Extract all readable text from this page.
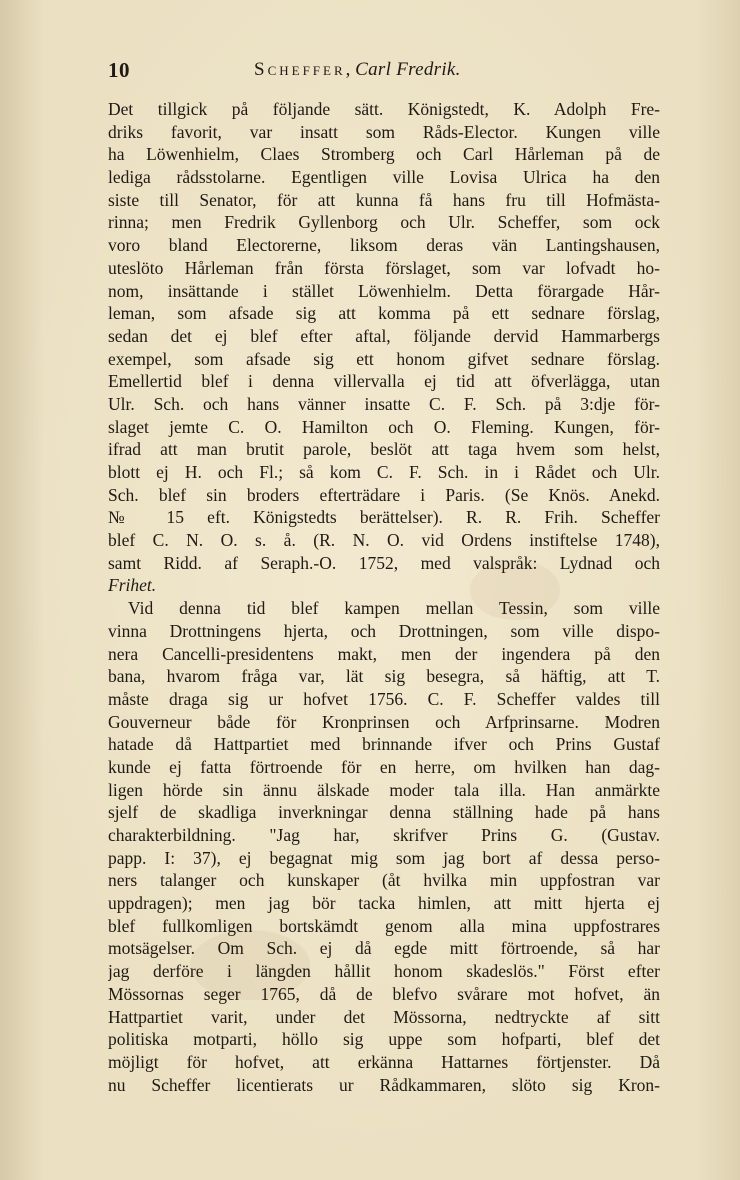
10	Scheffer, Carl Fredrik.
Det tillgick på följande sätt. Königstedt, K. Adolph Fre-
driks favorit, var insatt som Råds-Elector. Kungen ville
ha Löwenhielm, Claes Stromberg och Carl Hårleman på de
lediga rådsstolarne. Egentligen ville Lovisa Ulrica ha den
siste till Senator, för att kunna få hans fru till Hofmästa-
rinna; men Fredrik Gyllenborg och Ulr. Scheffer, som ock
voro bland Electorerne, liksom deras vän Lantingshausen,
uteslöto Hårleman från första förslaget, som var lofvadt ho-
nom, insättande i stället Löwenhielm. Detta förargade Hår-
leman, som afsade sig att komma på ett sednare förslag,
sedan det ej blef efter aftal, följande dervid Hammarbergs
exempel, som afsade sig ett honom gifvet sednare förslag.
Emellertid blef i denna villervalla ej tid att öfverlägga, utan
Ulr. Sch. och hans vänner insatte C. F. Sch. på 3:dje för-
slaget jemte C. O. Hamilton och O. Fleming. Kungen, för-
ifrad att man brutit parole, beslöt att taga hvem som helst,
blott ej H. och Fl.; så kom C. F. Sch. in i Rådet och Ulr.
Sch. blef sin broders efterträdare i Paris. (Se Knös. Anekd.
№ 15 eft. Königstedts berättelser). R. R. Frih. Scheffer
blef C. N. O. s. å. (R. N. O. vid Ordens instiftelse 1748),
samt Ridd. af Seraph.-O. 1752, med valspråk: Lydnad och
Frihet.
Vid denna tid blef kampen mellan Tessin, som ville
vinna Drottningens hjerta, och Drottningen, som ville dispo-
nera Cancelli-presidentens makt, men der ingendera på den
bana, hvarom fråga var, lät sig besegra, så häftig, att T.
måste draga sig ur hofvet 1756. C. F. Scheffer valdes till
Gouverneur både för Kronprinsen och Arfprinsarne. Modren
hatade då Hattpartiet med brinnande ifver och Prins Gustaf
kunde ej fatta förtroende för en herre, om hvilken han dag-
ligen hörde sin ännu älskade moder tala illa. Han anmärkte
sjelf de skadliga inverkningar denna ställning hade på hans
charakterbildning. "Jag har, skrifver Prins G. (Gustav.
papp. I: 37), ej begagnat mig som jag bort af dessa perso-
ners talanger och kunskaper (åt hvilka min uppfostran var
uppdragen); men jag bör tacka himlen, att mitt hjerta ej
blef fullkomligen bortskämdt genom alla mina uppfostrares
motsägelser. Om Sch. ej då egde mitt förtroende, så har
jag derföre i längden hållit honom skadeslös." Först efter
Mössornas seger 1765, då de blefvo svårare mot hofvet, än
Hattpartiet varit, under det Mössorna, nedtryckte af sitt
politiska motparti, höllo sig uppe som hofparti, blef det
möjligt för hofvet, att erkänna Hattarnes förtjenster. Då
nu Scheffer licentierats ur Rådkammaren, slöto sig Kron-
